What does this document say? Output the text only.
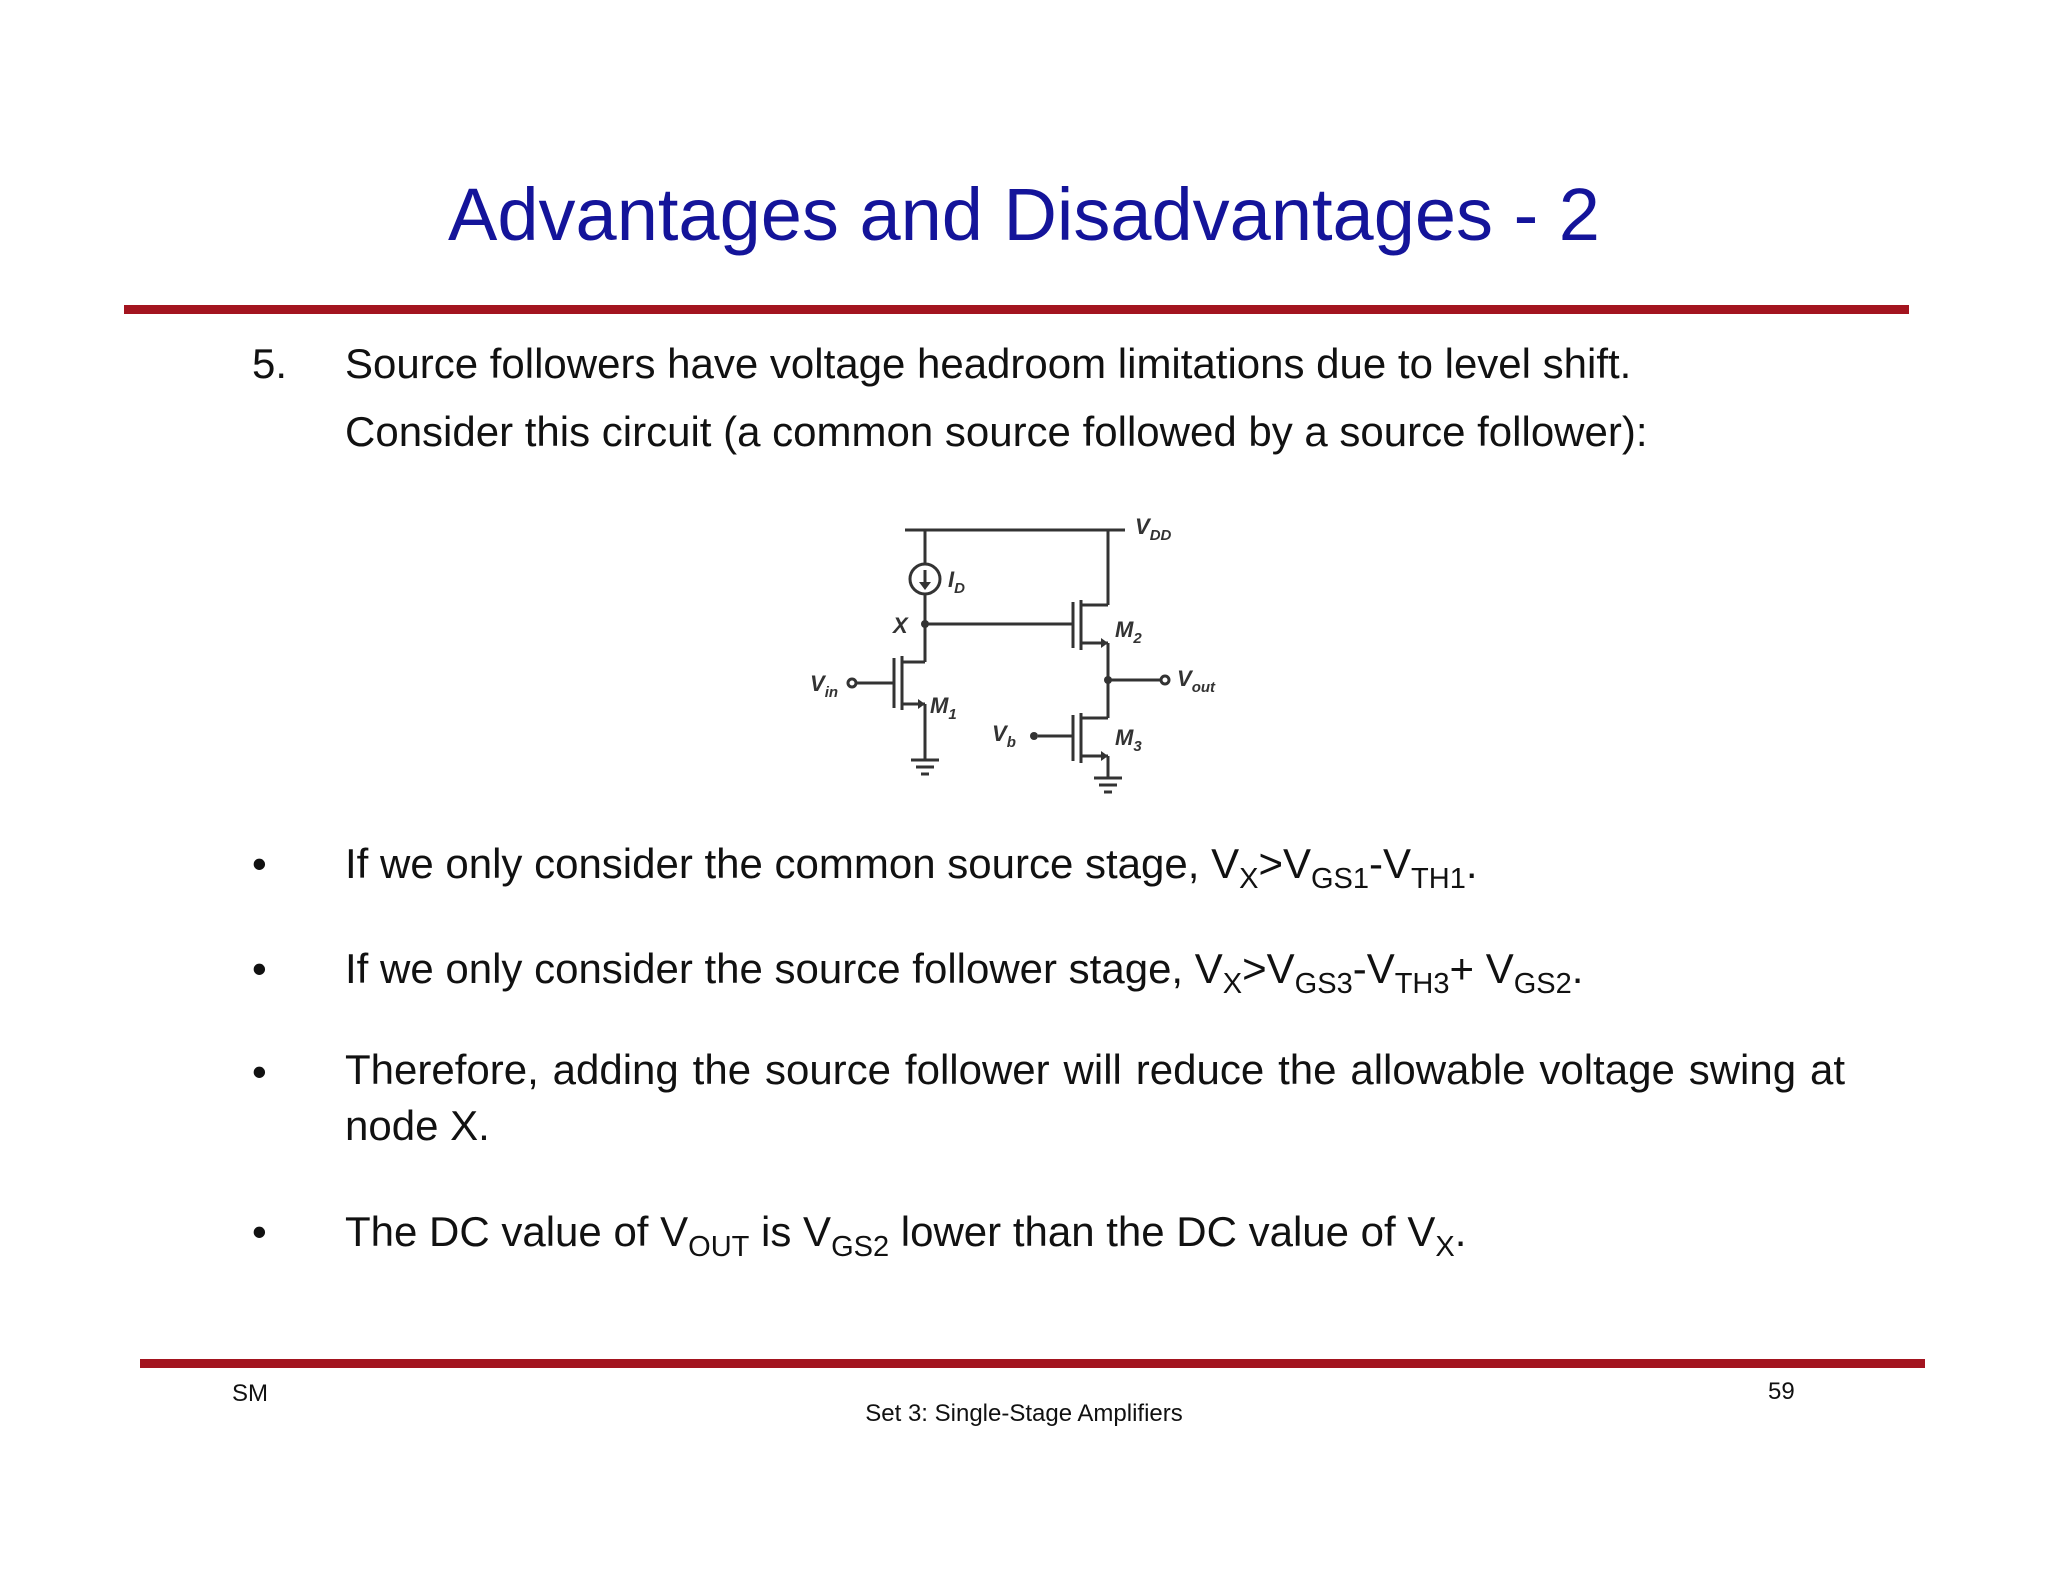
Advantages and Disadvantages - 2
5. Source followers have voltage headroom limitations due to level shift.
Consider this circuit (a common source followed by a source follower):
$V_{DD}$
$I_D$
X
$M_1$
$M_2$
$M_3$
$V_{in}$
$V_{out}$
$V_b$
• If we only consider the common source stage, $V_X>V_{GS1}-V_{TH1}$.
• If we only consider the source follower stage, $V_X>V_{GS3}-V_{TH3}+ V_{GS2}$.
• Therefore, adding the source follower will reduce the allowable voltage swing at node X.
• The DC value of $V_{OUT}$ is $V_{GS2}$ lower than the DC value of $V_X$.
SM
Set 3: Single-Stage Amplifiers
59
